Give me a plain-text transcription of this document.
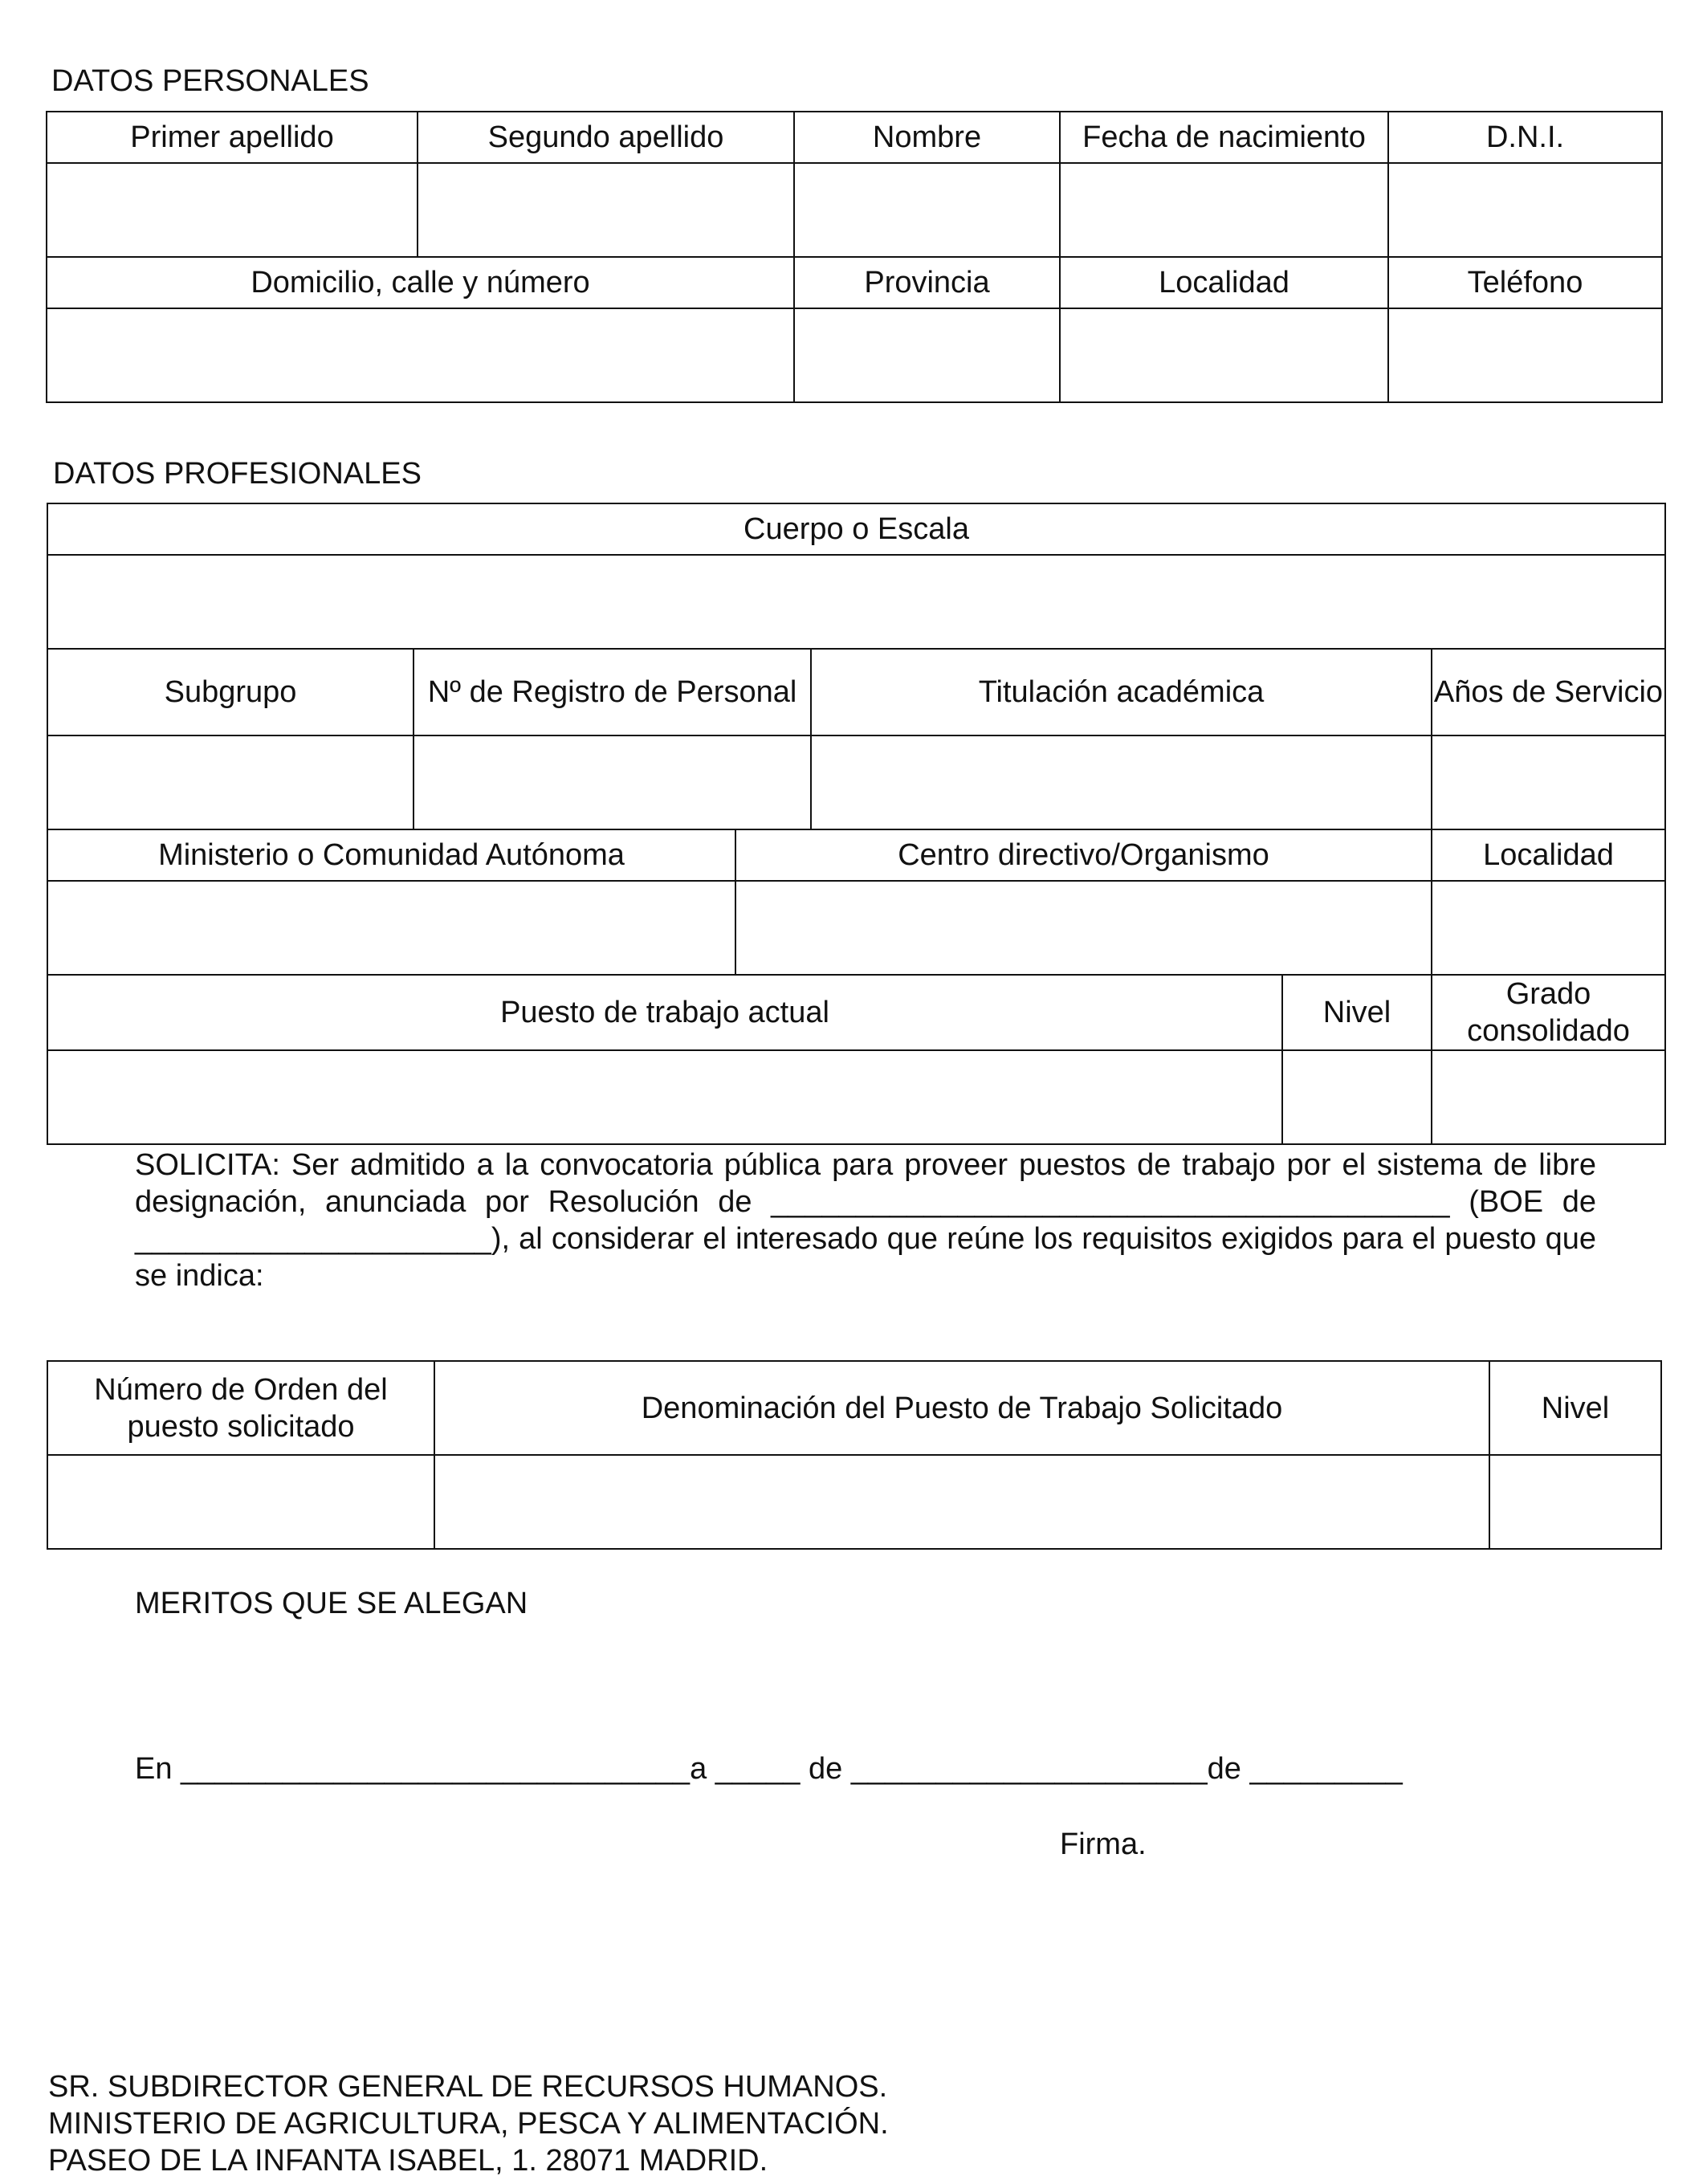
DATOS PERSONALES
Primer apellido	Segundo apellido	Nombre	Fecha de nacimiento	D.N.I.

Domicilio, calle y número		Provincia	Localidad	Teléfono

DATOS PROFESIONALES
Cuerpo o Escala					

Subgrupo	Nº de Registro de Personal		Titulación académica		Años de Servicio

Ministerio o Comunidad Autónoma		Centro directivo/Organismo			Localidad

Puesto de trabajo actual				Nivel	Grado consolidado

SOLICITA: Ser admitido a la convocatoria pública para proveer puestos de trabajo por el sistema de libre designación, anunciada por Resolución de ________________________________________ (BOE de _____________________), al considerar el interesado que reúne los requisitos exigidos para el puesto que se indica:
Número de Orden del puesto solicitado	Denominación del Puesto de Trabajo Solicitado	Nivel

MERITOS QUE SE ALEGAN
En ______________________________a _____ de _____________________de _________
Firma.
SR. SUBDIRECTOR GENERAL DE RECURSOS HUMANOS.
MINISTERIO DE AGRICULTURA, PESCA Y ALIMENTACIÓN.
PASEO DE LA INFANTA ISABEL, 1. 28071 MADRID.
